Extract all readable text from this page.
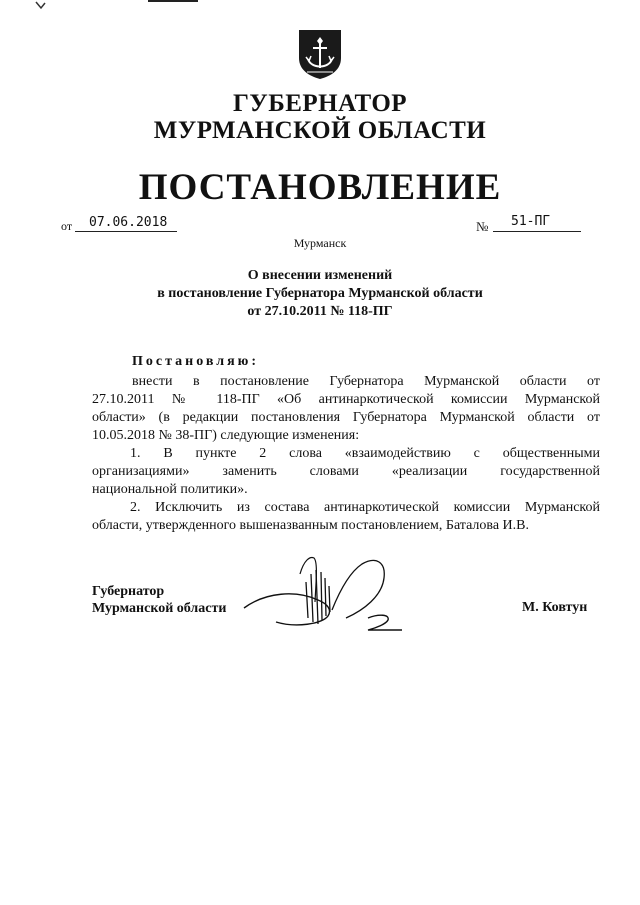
ГУБЕРНАТОР
МУРМАНСКОЙ ОБЛАСТИ
ПОСТАНОВЛЕНИЕ
от 07.06.2018	№ 51-ПГ
Мурманск
О внесении изменений
в постановление Губернатора Мурманской области
от 27.10.2011 № 118-ПГ
Постановляю:
внести в постановление Губернатора Мурманской области от
27.10.2011 № 118-ПГ «Об антинаркотической комиссии Мурманской
области» (в редакции постановления Губернатора Мурманской области от
10.05.2018 № 38-ПГ) следующие изменения:
1. В пункте 2 слова «взаимодействию с общественными
организациями» заменить словами «реализации государственной
национальной политики».
2. Исключить из состава антинаркотической комиссии Мурманской
области, утвержденного вышеназванным постановлением, Баталова И.В.
Губернатор
Мурманской области	М. Ковтун
